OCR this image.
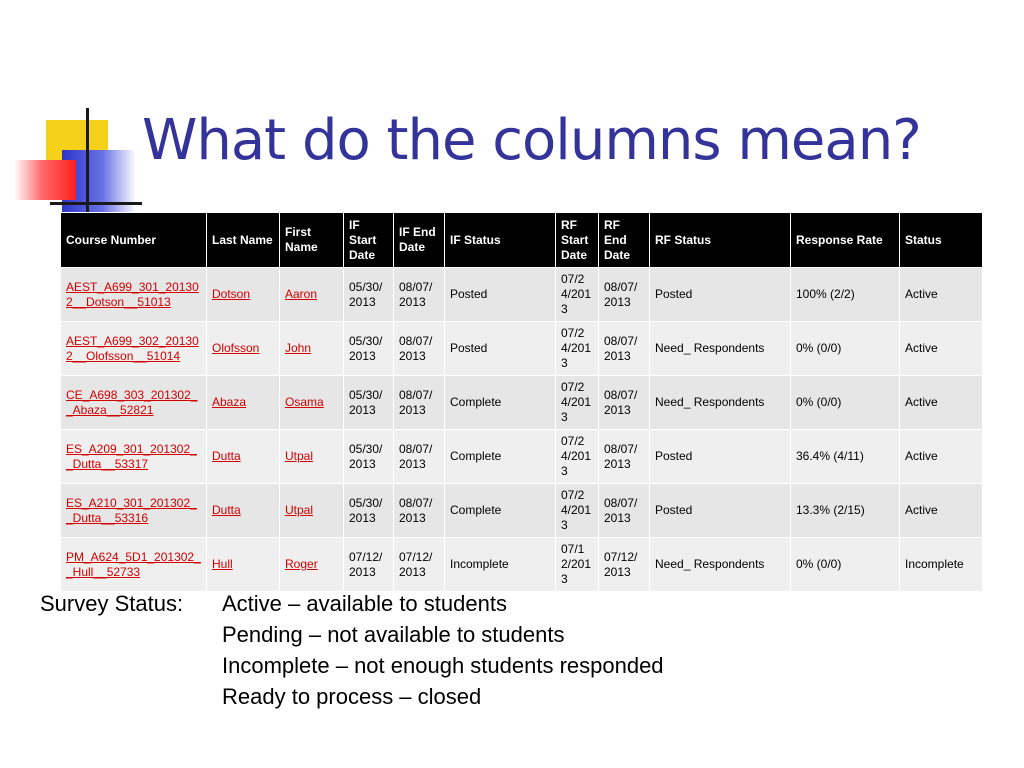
What do the columns mean?
Course Number	Last Name	First Name	IF Start Date	IF End Date	IF Status	RF Start Date	RF End Date	RF Status	Response Rate	Status
AEST_A699_301_201302__Dotson__51013	Dotson	Aaron	05/30/2013	08/07/2013	Posted	07/24/2013	08/07/2013	Posted	100% (2/2)	Active
AEST_A699_302_201302__Olofsson__51014	Olofsson	John	05/30/2013	08/07/2013	Posted	07/24/2013	08/07/2013	Need_ Respondents	0% (0/0)	Active
CE_A698_303_201302__Abaza__52821	Abaza	Osama	05/30/2013	08/07/2013	Complete	07/24/2013	08/07/2013	Need_ Respondents	0% (0/0)	Active
ES_A209_301_201302__Dutta__53317	Dutta	Utpal	05/30/2013	08/07/2013	Complete	07/24/2013	08/07/2013	Posted	36.4% (4/11)	Active
ES_A210_301_201302__Dutta__53316	Dutta	Utpal	05/30/2013	08/07/2013	Complete	07/24/2013	08/07/2013	Posted	13.3% (2/15)	Active
PM_A624_5D1_201302__Hull__52733	Hull	Roger	07/12/2013	07/12/2013	Incomplete	07/12/2013	07/12/2013	Need_ Respondents	0% (0/0)	Incomplete
Survey Status: Active – available to students
Pending – not available to students
Incomplete – not enough students responded
Ready to process – closed
